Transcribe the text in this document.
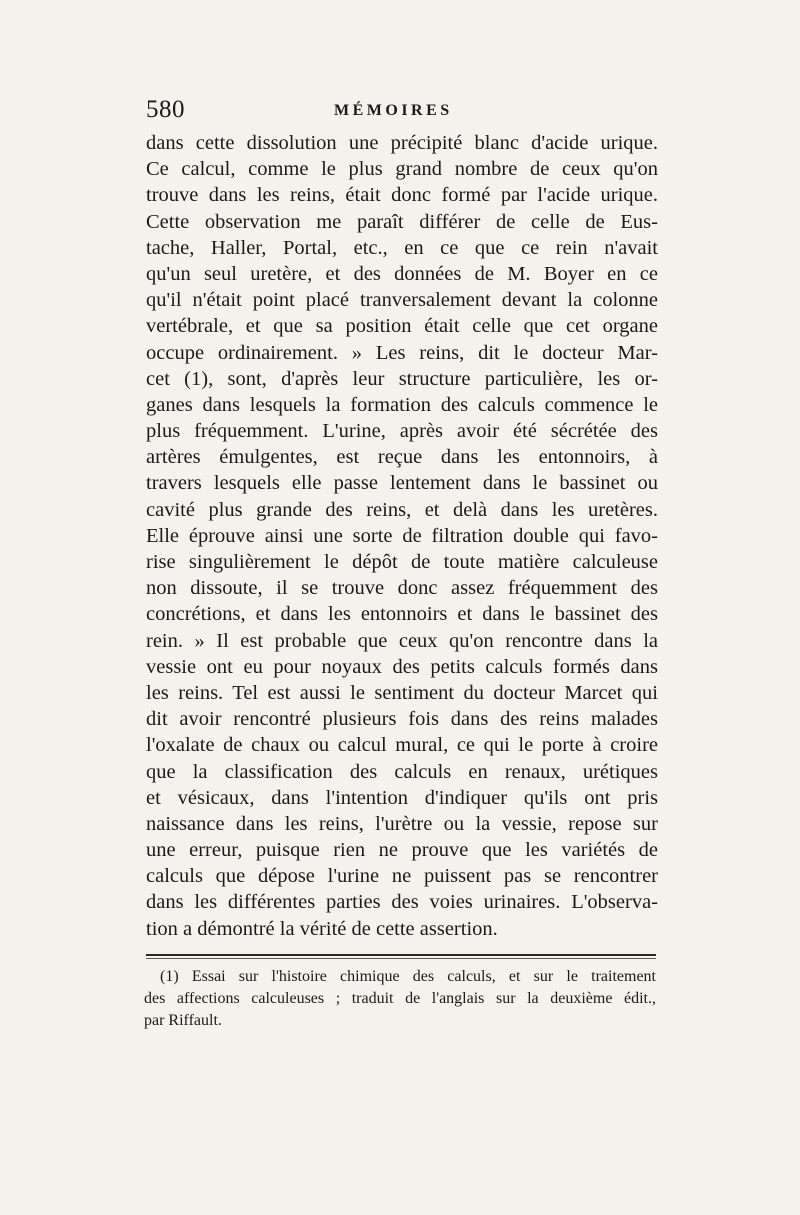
580	MÉMOIRES
dans cette dissolution une précipité blanc d'acide urique.
Ce calcul, comme le plus grand nombre de ceux qu'on
trouve dans les reins, était donc formé par l'acide urique.
Cette observation me paraît différer de celle de Eus-
tache, Haller, Portal, etc., en ce que ce rein n'avait
qu'un seul uretère, et des données de M. Boyer en ce
qu'il n'était point placé tranversalement devant la colonne
vertébrale, et que sa position était celle que cet organe
occupe ordinairement. » Les reins, dit le docteur Mar-
cet (1), sont, d'après leur structure particulière, les or-
ganes dans lesquels la formation des calculs commence le
plus fréquemment. L'urine, après avoir été sécrétée des
artères émulgentes, est reçue dans les entonnoirs, à
travers lesquels elle passe lentement dans le bassinet ou
cavité plus grande des reins, et delà dans les uretères.
Elle éprouve ainsi une sorte de filtration double qui favo-
rise singulièrement le dépôt de toute matière calculeuse
non dissoute, il se trouve donc assez fréquemment des
concrétions, et dans les entonnoirs et dans le bassinet des
rein. » Il est probable que ceux qu'on rencontre dans la
vessie ont eu pour noyaux des petits calculs formés dans
les reins. Tel est aussi le sentiment du docteur Marcet qui
dit avoir rencontré plusieurs fois dans des reins malades
l'oxalate de chaux ou calcul mural, ce qui le porte à croire
que la classification des calculs en renaux, urétiques
et vésicaux, dans l'intention d'indiquer qu'ils ont pris
naissance dans les reins, l'urètre ou la vessie, repose sur
une erreur, puisque rien ne prouve que les variétés de
calculs que dépose l'urine ne puissent pas se rencontrer
dans les différentes parties des voies urinaires. L'observa-
tion a démontré la vérité de cette assertion.
(1) Essai sur l'histoire chimique des calculs, et sur le traitement
des affections calculeuses ; traduit de l'anglais sur la deuxième édit.,
par Riffault.
